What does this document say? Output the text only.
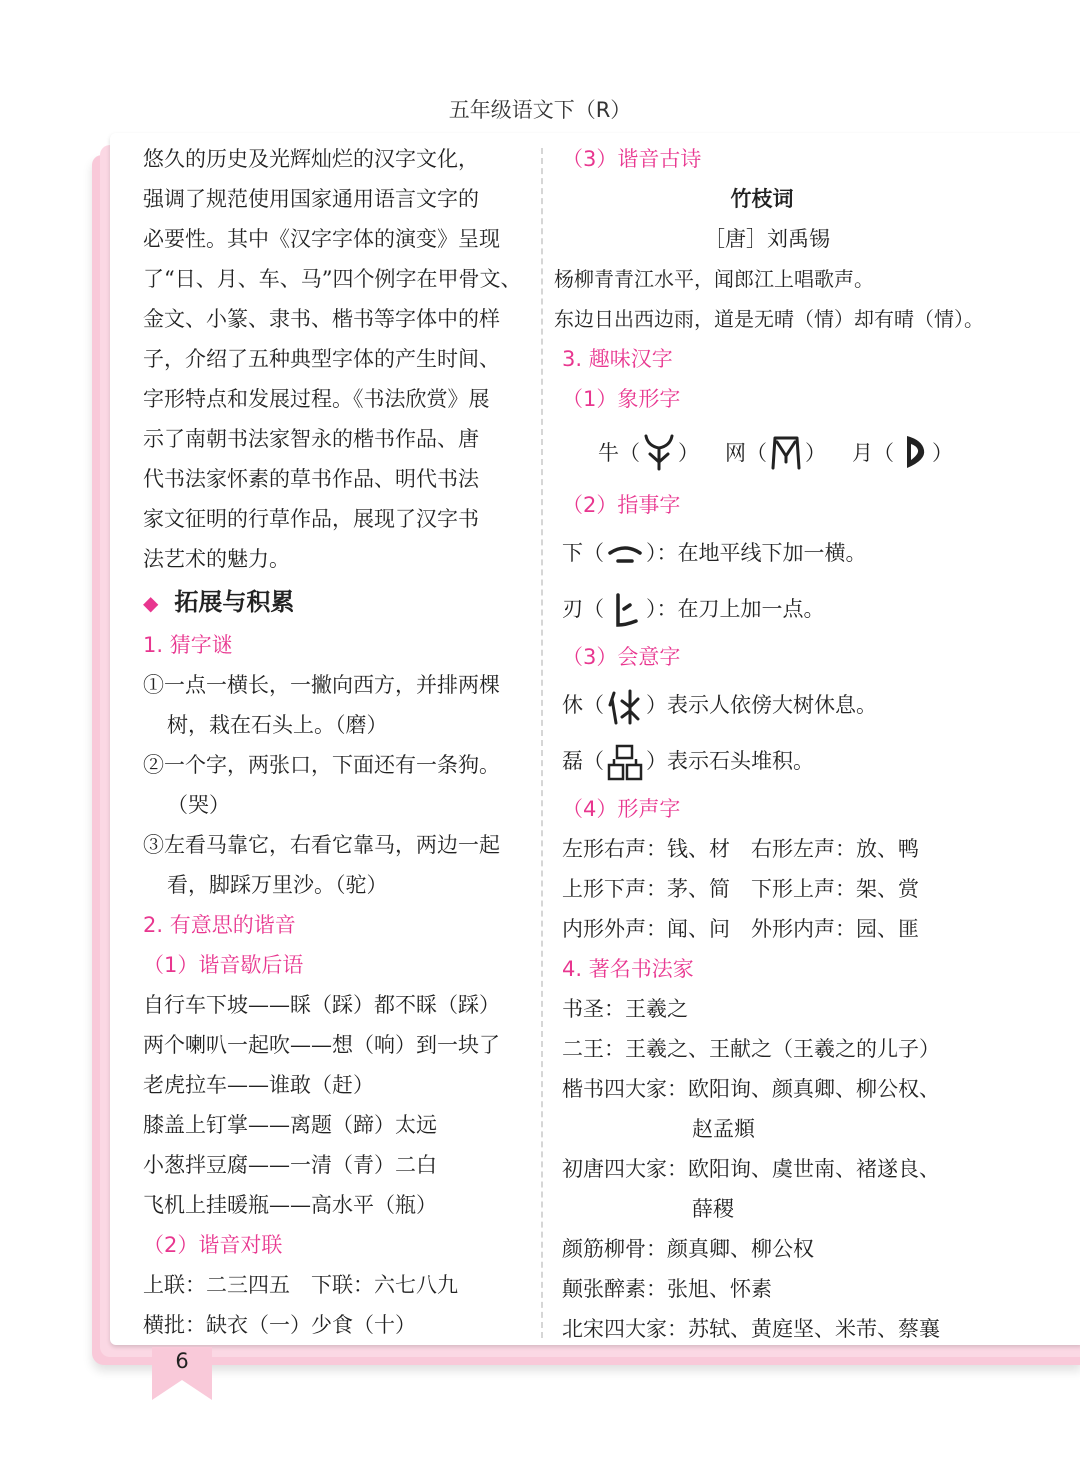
五年级语文下（R）
悠久的历史及光辉灿烂的汉字文化，
强调了规范使用国家通用语言文字的
必要性。其中《汉字字体的演变》呈现
了“日、月、车、马”四个例字在甲骨文、
金文、小篆、隶书、楷书等字体中的样
子，介绍了五种典型字体的产生时间、
字形特点和发展过程。《书法欣赏》展
示了南朝书法家智永的楷书作品、唐
代书法家怀素的草书作品、明代书法
家文征明的行草作品，展现了汉字书
法艺术的魅力。
◆ 拓展与积累
1. 猜字谜
①一点一横长，一撇向西方，并排两棵
树，栽在石头上。（磨）
②一个字，两张口，下面还有一条狗。
（哭）
③左看马靠它，右看它靠马，两边一起
看，脚踩万里沙。（驼）
2. 有意思的谐音
（1）谐音歇后语
自行车下坡——睬（踩）都不睬（踩）
两个喇叭一起吹——想（响）到一块了
老虎拉车——谁敢（赶）
膝盖上钉掌——离题（蹄）太远
小葱拌豆腐——一清（青）二白
飞机上挂暖瓶——高水平（瓶）
（2）谐音对联
上联：二三四五　下联：六七八九
横批：缺衣（一）少食（十）
（3）谐音古诗
竹枝词
［唐］刘禹锡
杨柳青青江水平，闻郎江上唱歌声。
东边日出西边雨，道是无晴（情）却有晴（情）。
3. 趣味汉字
（1）象形字
牛 （ ） 网 （ ） 月 （ ）
（2）指事字
下（ ）：在地平线下加一横。
刃（ ）：在刀上加一点。
（3）会意字
休（ ）表示人依傍大树休息。
磊（ ）表示石头堆积。
（4）形声字
左形右声：钱、材　右形左声：放、鸭
上形下声：茅、简　下形上声：架、赏
内形外声：闻、问　外形内声：园、匪
4. 著名书法家
书圣：王羲之
二王：王羲之、王献之（王羲之的儿子）
楷书四大家：欧阳询、颜真卿、柳公权、
赵孟頫
初唐四大家：欧阳询、虞世南、褚遂良、
薛稷
颜筋柳骨：颜真卿、柳公权
颠张醉素：张旭、怀素
北宋四大家：苏轼、黄庭坚、米芾、蔡襄
6
